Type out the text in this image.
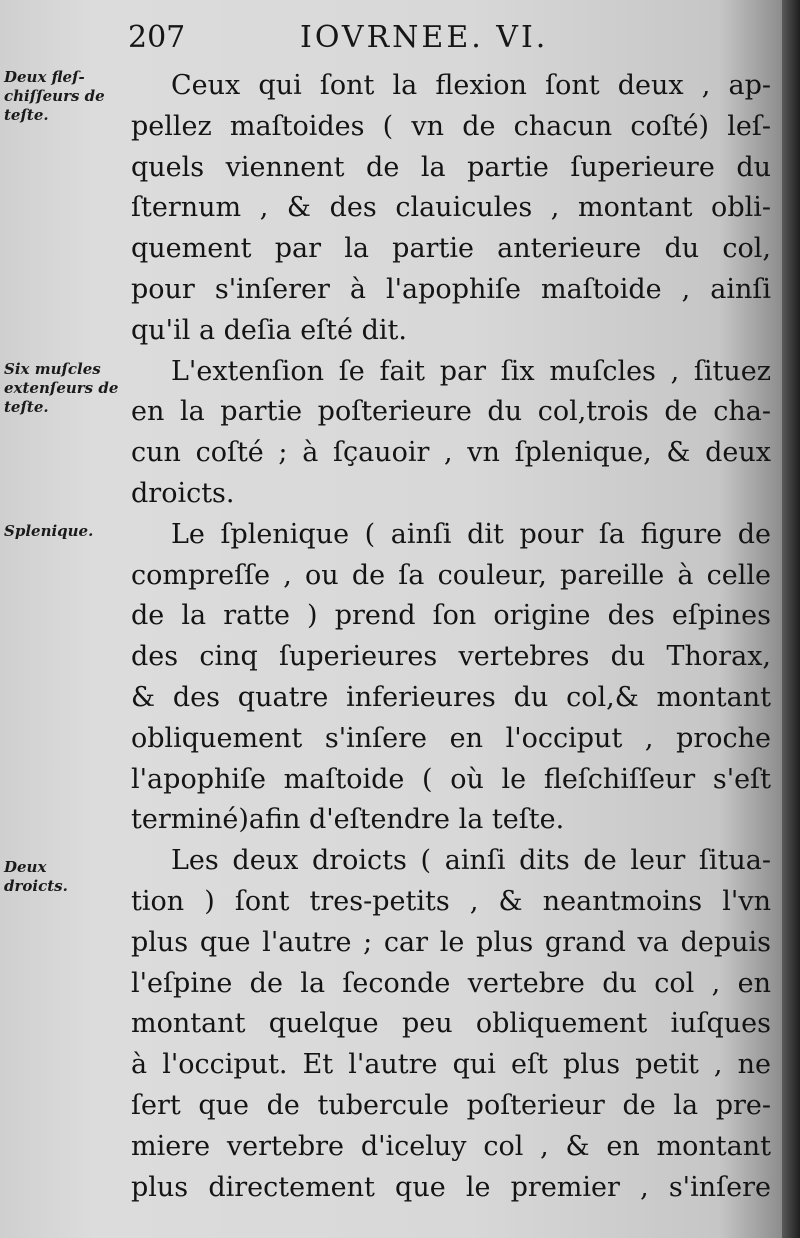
207	IOVRNEE. VI.
Deux fleſ-
chiſſeurs de
teſte.
Six muſcles
extenſeurs de
teſte.
Splenique.
Deux
droicts.
Ceux qui ſont la flexion ſont deux , ap-
pellez maſtoides ( vn de chacun coſté) leſ-
quels viennent de la partie ſuperieure du
ſternum , & des clauicules , montant obli-
quement par la partie anterieure du col,
pour s'inſerer à l'apophiſe maſtoide , ainſi
qu'il a deſia eſté dit.
L'extenſion ſe fait par ſix muſcles , ſituez
en la partie poſterieure du col,trois de cha-
cun coſté ; à ſçauoir , vn ſplenique, & deux
droicts.
Le ſplenique ( ainſi dit pour ſa figure de
compreſſe , ou de ſa couleur, pareille à celle
de la ratte ) prend ſon origine des eſpines
des cinq ſuperieures vertebres du Thorax,
& des quatre inferieures du col,& montant
obliquement s'inſere en l'occiput , proche
l'apophiſe maſtoide ( où le fleſchiſſeur s'eſt
terminé)afin d'eſtendre la teſte.
Les deux droicts ( ainſi dits de leur ſitua-
tion ) ſont tres-petits , & neantmoins l'vn
plus que l'autre ; car le plus grand va depuis
l'eſpine de la ſeconde vertebre du col , en
montant quelque peu obliquement iuſques
à l'occiput. Et l'autre qui eſt plus petit , ne
ſert que de tubercule poſterieur de la pre-
miere vertebre d'iceluy col , & en montant
plus directement que le premier , s'inſere
